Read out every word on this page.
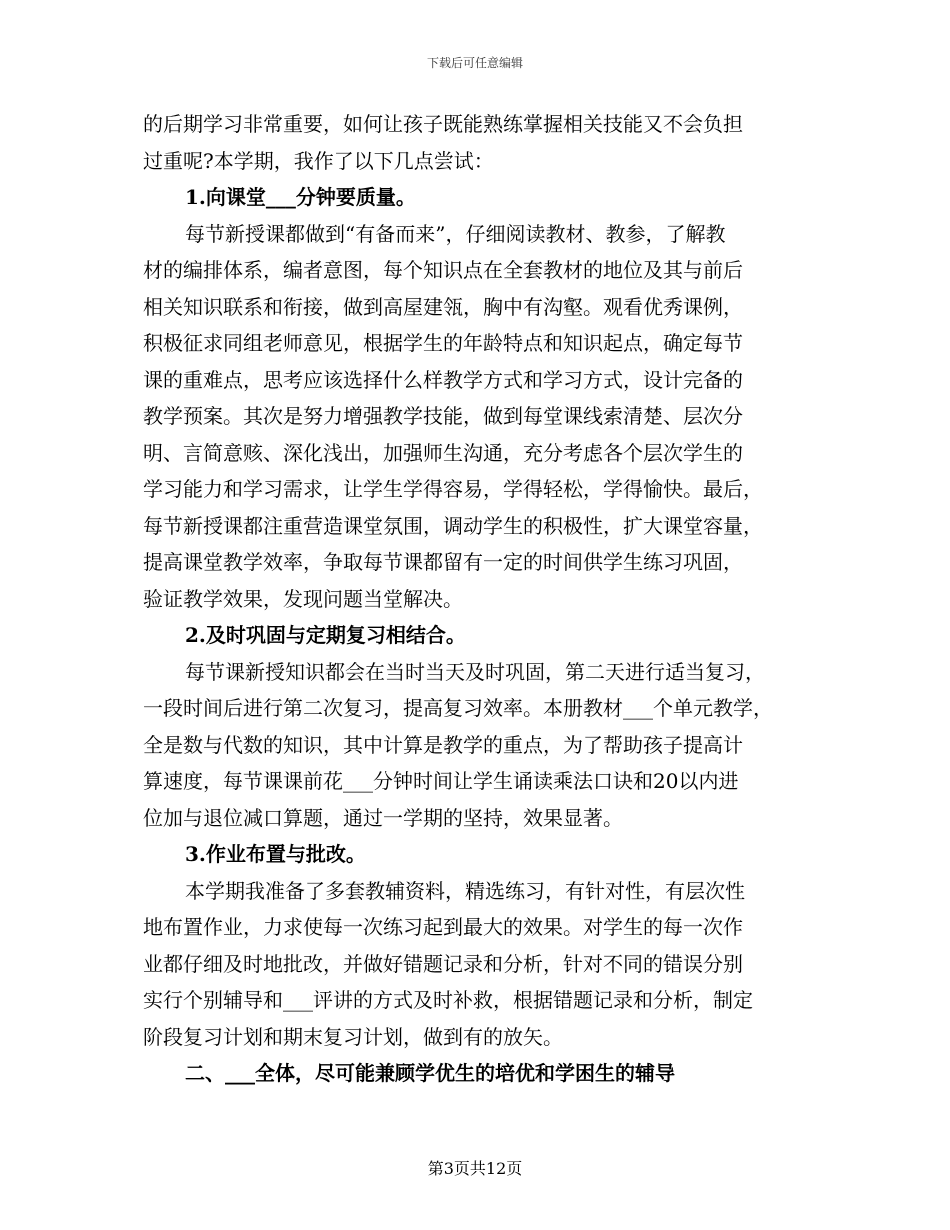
下载后可任意编辑
的后期学习非常重要，如何让孩子既能熟练掌握相关技能又不会负担
过重呢?本学期，我作了以下几点尝试：
1.向课堂___分钟要质量。
每节新授课都做到“有备而来”，仔细阅读教材、教参，了解教
材的编排体系，编者意图，每个知识点在全套教材的地位及其与前后
相关知识联系和衔接，做到高屋建瓴，胸中有沟壑。观看优秀课例，
积极征求同组老师意见，根据学生的年龄特点和知识起点，确定每节
课的重难点，思考应该选择什么样教学方式和学习方式，设计完备的
教学预案。其次是努力增强教学技能，做到每堂课线索清楚、层次分
明、言简意赅、深化浅出，加强师生沟通，充分考虑各个层次学生的
学习能力和学习需求，让学生学得容易，学得轻松，学得愉快。最后，
每节新授课都注重营造课堂氛围，调动学生的积极性，扩大课堂容量，
提高课堂教学效率，争取每节课都留有一定的时间供学生练习巩固，
验证教学效果，发现问题当堂解决。
2.及时巩固与定期复习相结合。
每节课新授知识都会在当时当天及时巩固，第二天进行适当复习，
一段时间后进行第二次复习，提高复习效率。本册教材___个单元教学，
全是数与代数的知识，其中计算是教学的重点，为了帮助孩子提高计
算速度，每节课课前花___分钟时间让学生诵读乘法口诀和20以内进
位加与退位减口算题，通过一学期的坚持，效果显著。
3.作业布置与批改。
本学期我准备了多套教辅资料，精选练习，有针对性，有层次性
地布置作业，力求使每一次练习起到最大的效果。对学生的每一次作
业都仔细及时地批改，并做好错题记录和分析，针对不同的错误分别
实行个别辅导和___评讲的方式及时补救，根据错题记录和分析，制定
阶段复习计划和期末复习计划，做到有的放矢。
二、___全体，尽可能兼顾学优生的培优和学困生的辅导
第3页共12页
